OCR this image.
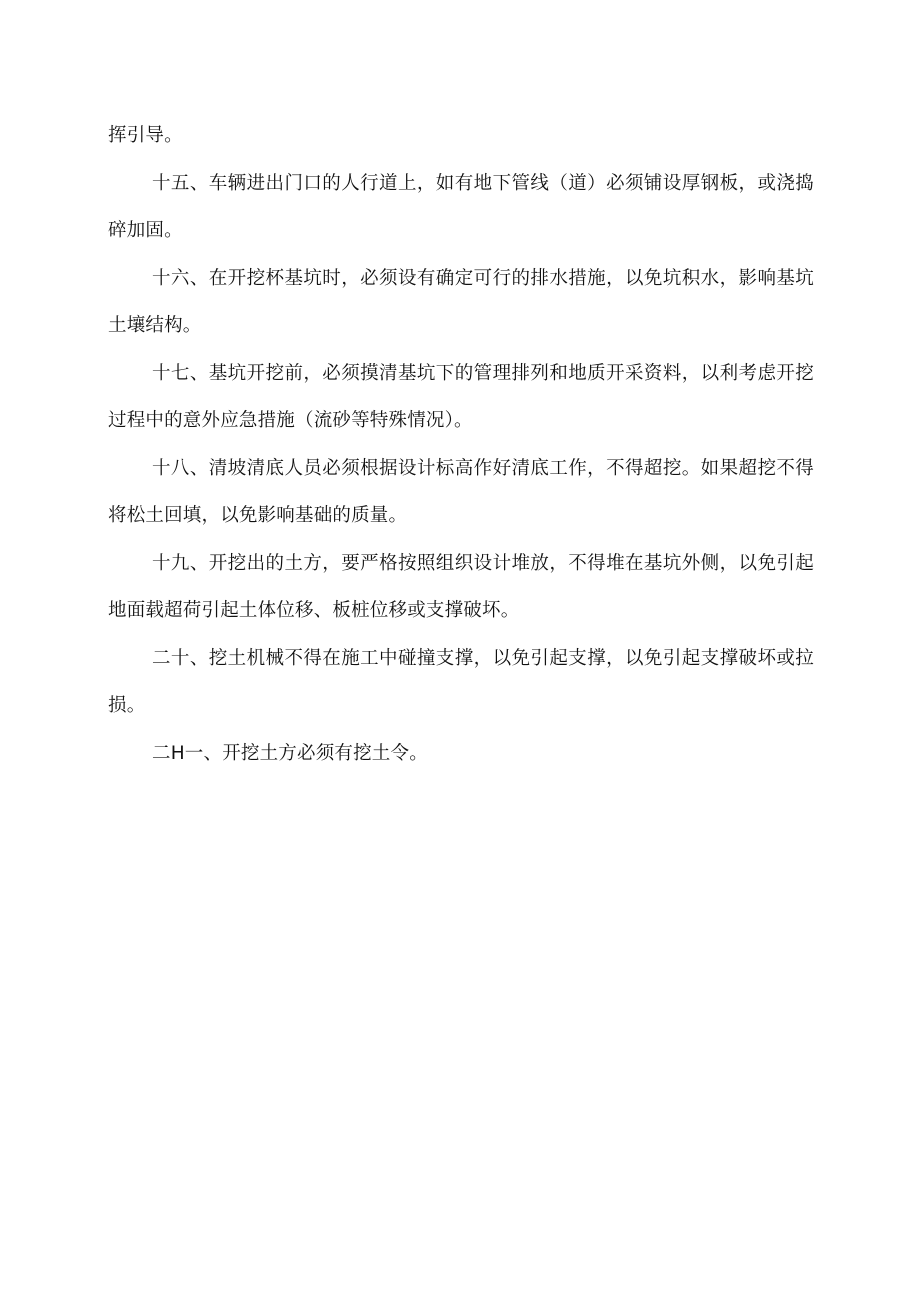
挥引导。

十五、车辆进出门口的人行道上，如有地下管线（道）必须铺设厚钢板，或浇捣碎加固。

十六、在开挖杯基坑时，必须设有确定可行的排水措施，以免坑积水，影响基坑土壤结构。

十七、基坑开挖前，必须摸清基坑下的管理排列和地质开采资料，以利考虑开挖过程中的意外应急措施（流砂等特殊情况）。

十八、清坡清底人员必须根据设计标高作好清底工作，不得超挖。如果超挖不得将松土回填，以免影响基础的质量。

十九、开挖出的土方，要严格按照组织设计堆放，不得堆在基坑外侧，以免引起地面载超荷引起土体位移、板桩位移或支撑破坏。

二十、挖土机械不得在施工中碰撞支撑，以免引起支撑，以免引起支撑破坏或拉损。

二H一、开挖土方必须有挖土令。
